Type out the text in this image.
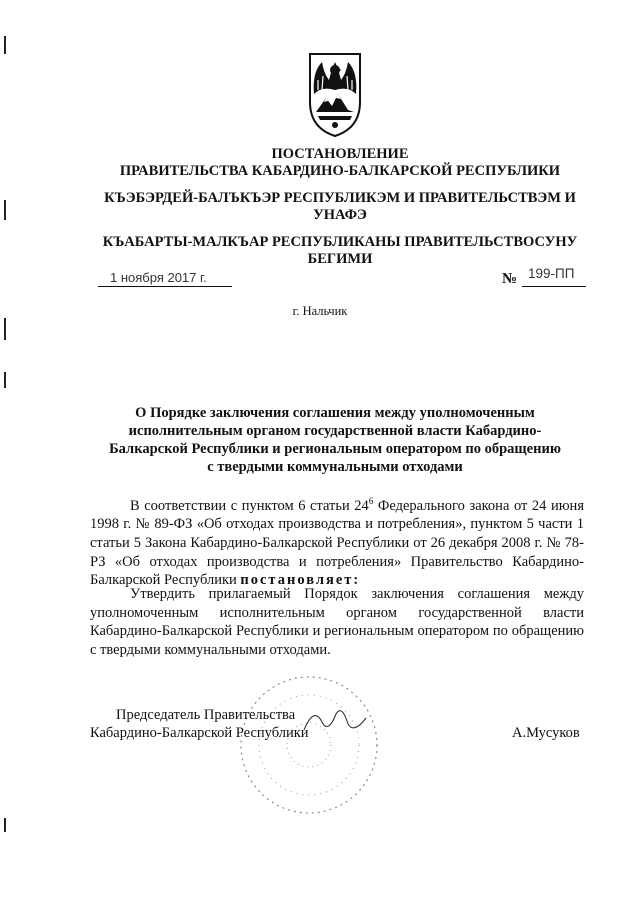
ПОСТАНОВЛЕНИЕ
ПРАВИТЕЛЬСТВА КАБАРДИНО-БАЛКАРСКОЙ РЕСПУБЛИКИ
КЪЭБЭРДЕЙ-БАЛЪКЪЭР РЕСПУБЛИКЭМ И ПРАВИТЕЛЬСТВЭМ И
УНАФЭ
КЪАБАРТЫ-МАЛКЪАР РЕСПУБЛИКАНЫ ПРАВИТЕЛЬСТВОСУНУ
БЕГИМИ
1 ноября 2017 г.	№ 199-ПП
г. Нальчик
О Порядке заключения соглашения между уполномоченным
исполнительным органом государственной власти Кабардино-
Балкарской Республики и региональным оператором по обращению
с твердыми коммунальными отходами

В соответствии с пунктом 6 статьи $24^6$ Федерального закона от 24 июня 1998 г. № 89-ФЗ «Об отходах производства и потребления», пунктом 5 части 1 статьи 5 Закона Кабардино-Балкарской Республики от 26 декабря 2008 г. № 78-РЗ «Об отходах производства и потребления» Правительство Кабардино-Балкарской Республики постановляет:

Утвердить прилагаемый Порядок заключения соглашения между уполномоченным исполнительным органом государственной власти Кабардино-Балкарской Республики и региональным оператором по обращению с твердыми коммунальными отходами.

Председатель Правительства
Кабардино-Балкарской Республики	А.Мусуков
